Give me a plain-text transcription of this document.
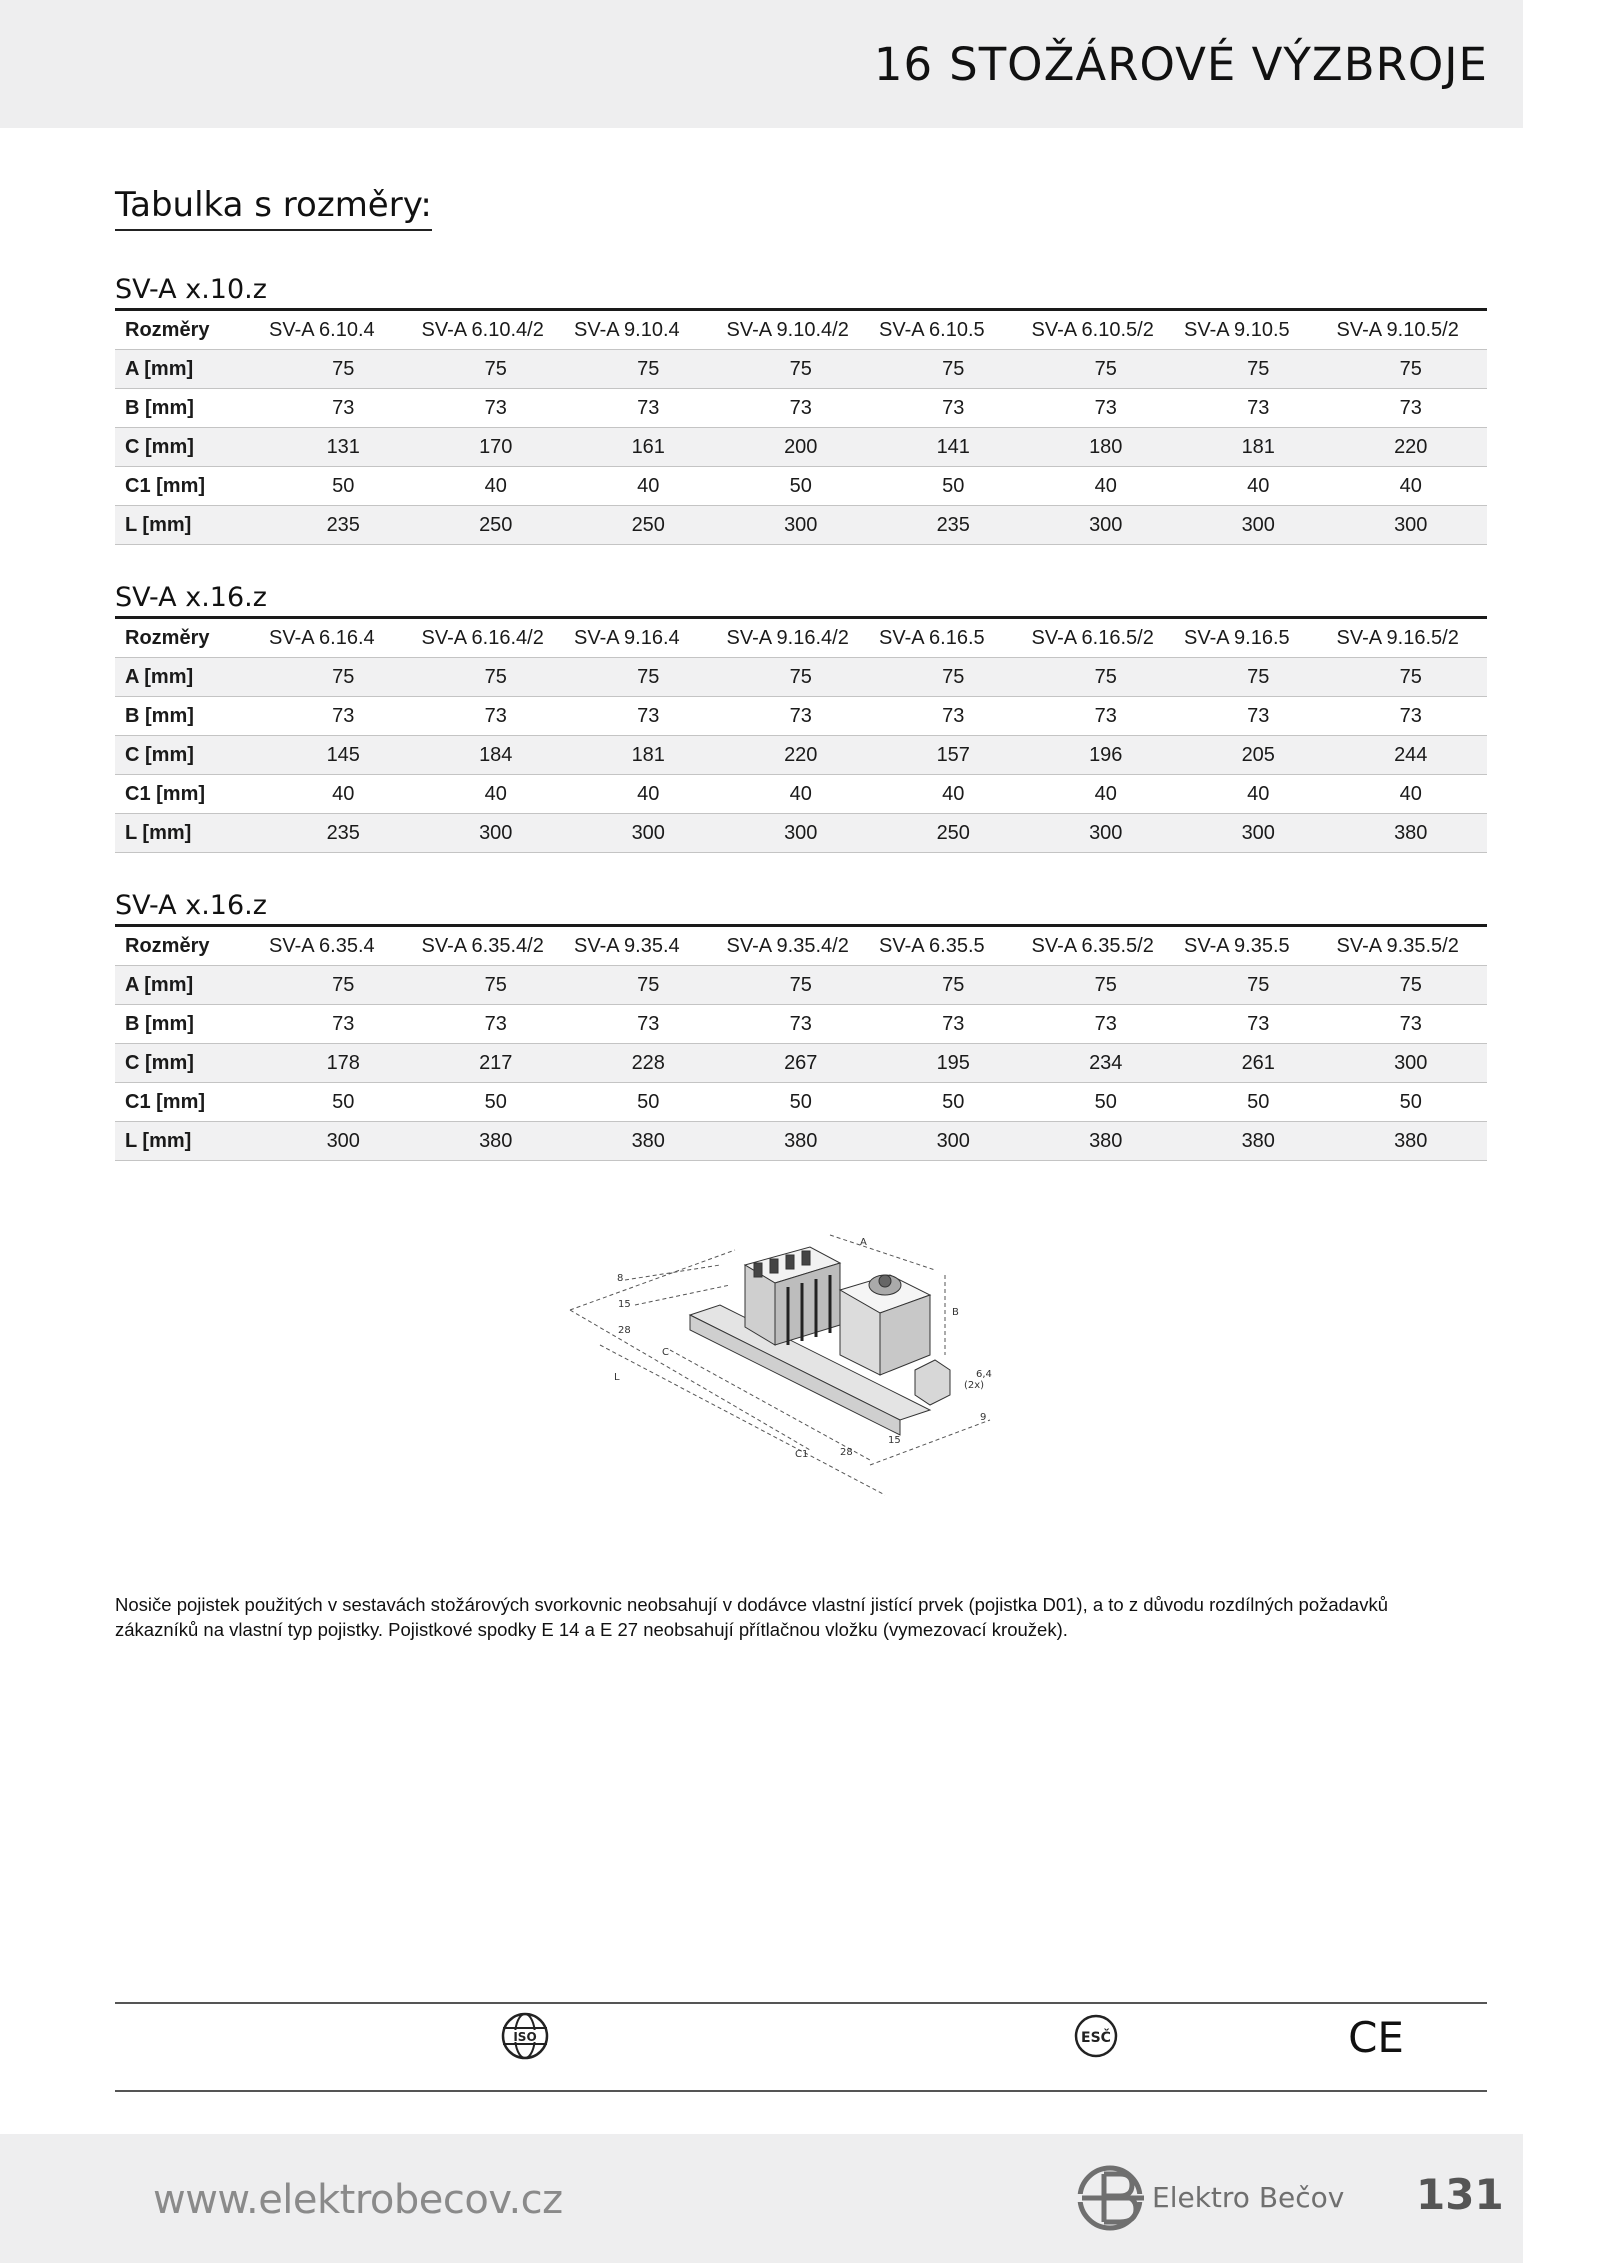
16 STOŽÁROVÉ VÝZBROJE
Tabulka s rozměry:
SV-A x.10.z
Rozměry	SV-A 6.10.4	SV-A 6.10.4/2	SV-A 9.10.4	SV-A 9.10.4/2	SV-A 6.10.5	SV-A 6.10.5/2	SV-A 9.10.5	SV-A 9.10.5/2
A [mm]	75	75	75	75	75	75	75	75
B [mm]	73	73	73	73	73	73	73	73
C [mm]	131	170	161	200	141	180	181	220
C1 [mm]	50	40	40	50	50	40	40	40
L [mm]	235	250	250	300	235	300	300	300
SV-A x.16.z
Rozměry	SV-A 6.16.4	SV-A 6.16.4/2	SV-A 9.16.4	SV-A 9.16.4/2	SV-A 6.16.5	SV-A 6.16.5/2	SV-A 9.16.5	SV-A 9.16.5/2
A [mm]	75	75	75	75	75	75	75	75
B [mm]	73	73	73	73	73	73	73	73
C [mm]	145	184	181	220	157	196	205	244
C1 [mm]	40	40	40	40	40	40	40	40
L [mm]	235	300	300	300	250	300	300	380
SV-A x.16.z
Rozměry	SV-A 6.35.4	SV-A 6.35.4/2	SV-A 9.35.4	SV-A 9.35.4/2	SV-A 6.35.5	SV-A 6.35.5/2	SV-A 9.35.5	SV-A 9.35.5/2
A [mm]	75	75	75	75	75	75	75	75
B [mm]	73	73	73	73	73	73	73	73
C [mm]	178	217	228	267	195	234	261	300
C1 [mm]	50	50	50	50	50	50	50	50
L [mm]	300	380	380	380	300	380	380	380
C
L
C1
A
B
8
15
28
6,4
(2x)
9
28
15
Nosiče pojistek použitých v sestavách stožárových svorkovnic neobsahují v dodávce vlastní jistící prvek (pojistka D01), a to z důvodu rozdílných požadavků
zákazníků na vlastní typ pojistky. Pojistkové spodky E 14 a E 27 neobsahují přítlačnou vložku (vymezovací kroužek).
ISO	ESČ	CE
www.elektrobecov.cz	Elektro Bečov 131
